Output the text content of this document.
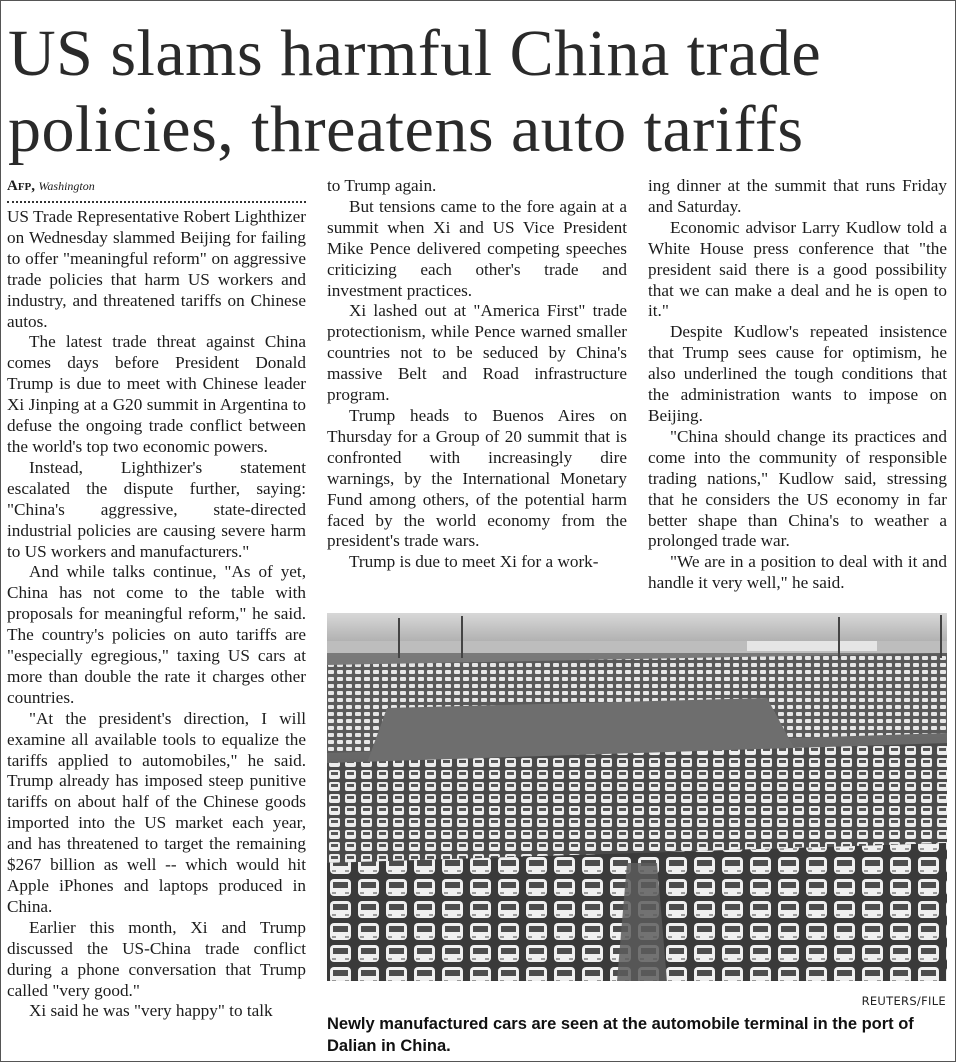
US slams harmful China trade
policies, threatens auto tariffs
Afp, Washington

US Trade Representative Robert Lighthizer on Wednesday slammed Beijing for failing to offer "meaningful reform" on aggressive trade policies that harm US workers and industry, and threatened tariffs on Chinese autos.

The latest trade threat against China comes days before President Donald Trump is due to meet with Chinese leader Xi Jinping at a G20 summit in Argentina to defuse the ongoing trade conflict between the world's top two economic powers.

Instead, Lighthizer's statement escalated the dispute further, saying: "China's aggressive, state-directed industrial policies are causing severe harm to US workers and manufacturers."

And while talks continue, "As of yet, China has not come to the table with proposals for meaningful reform," he said. The country's policies on auto tariffs are "especially egregious," taxing US cars at more than double the rate it charges other countries.

"At the president's direction, I will examine all available tools to equalize the tariffs applied to automobiles," he said. Trump already has imposed steep punitive tariffs on about half of the Chinese goods imported into the US market each year, and has threatened to target the remaining $267 billion as well -- which would hit Apple iPhones and laptops produced in China.

Earlier this month, Xi and Trump discussed the US-China trade conflict during a phone conversation that Trump called "very good."

Xi said he was "very happy" to talk

to Trump again.

But tensions came to the fore again at a summit when Xi and US Vice President Mike Pence delivered competing speeches criticizing each other's trade and investment practices.

Xi lashed out at "America First" trade protectionism, while Pence warned smaller countries not to be seduced by China's massive Belt and Road infrastructure program.

Trump heads to Buenos Aires on Thursday for a Group of 20 summit that is confronted with increasingly dire warnings, by the International Monetary Fund among others, of the potential harm faced by the world economy from the president's trade wars.

Trump is due to meet Xi for a work-

ing dinner at the summit that runs Friday and Saturday.

Economic advisor Larry Kudlow told a White House press conference that "the president said there is a good possibility that we can make a deal and he is open to it."

Despite Kudlow's repeated insistence that Trump sees cause for optimism, he also underlined the tough conditions that the administration wants to impose on Beijing.

"China should change its practices and come into the community of responsible trading nations," Kudlow said, stressing that he considers the US economy in far better shape than China's to weather a prolonged trade war.

"We are in a position to deal with it and handle it very well," he said.

REUTERS/FILE
Newly manufactured cars are seen at the automobile terminal in the port of Dalian in China.
